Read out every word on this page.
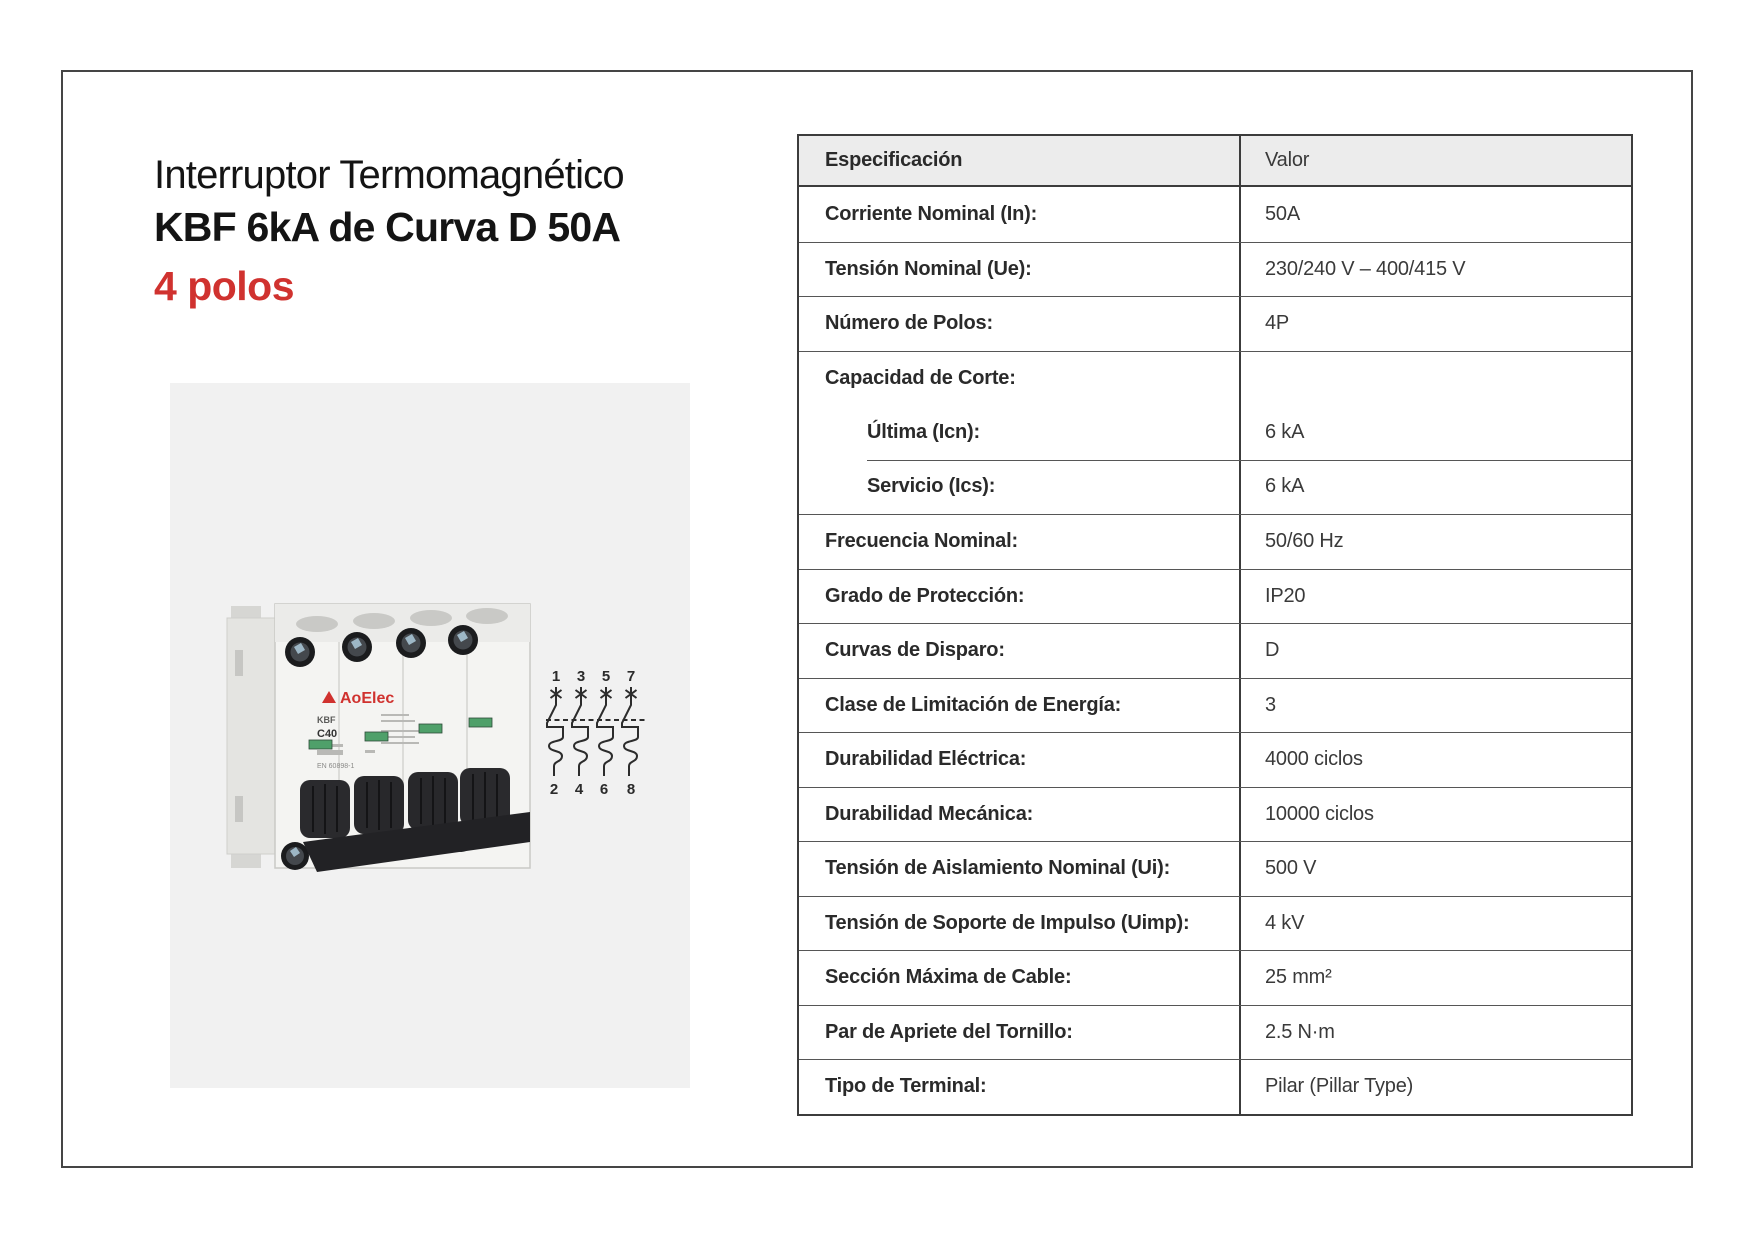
Interruptor Termomagnético
KBF 6kA de Curva D 50A
4 polos
AoElec
KBF
C40
EN 60898-1
1 3 5 7
2 4 6 8
Especificación	Valor
Corriente Nominal (In):	50A
Tensión Nominal (Ue):	230/240 V – 400/415 V
Número de Polos:	4P
Capacidad de Corte:
Última (Icn):	6 kA
Servicio (Ics):	6 kA
Frecuencia Nominal:	50/60 Hz
Grado de Protección:	IP20
Curvas de Disparo:	D
Clase de Limitación de Energía:	3
Durabilidad Eléctrica:	4000 ciclos
Durabilidad Mecánica:	10000 ciclos
Tensión de Aislamiento Nominal (Ui):	500 V
Tensión de Soporte de Impulso (Uimp):	4 kV
Sección Máxima de Cable:	25 mm²
Par de Apriete del Tornillo:	2.5 N·m
Tipo de Terminal:	Pilar (Pillar Type)
